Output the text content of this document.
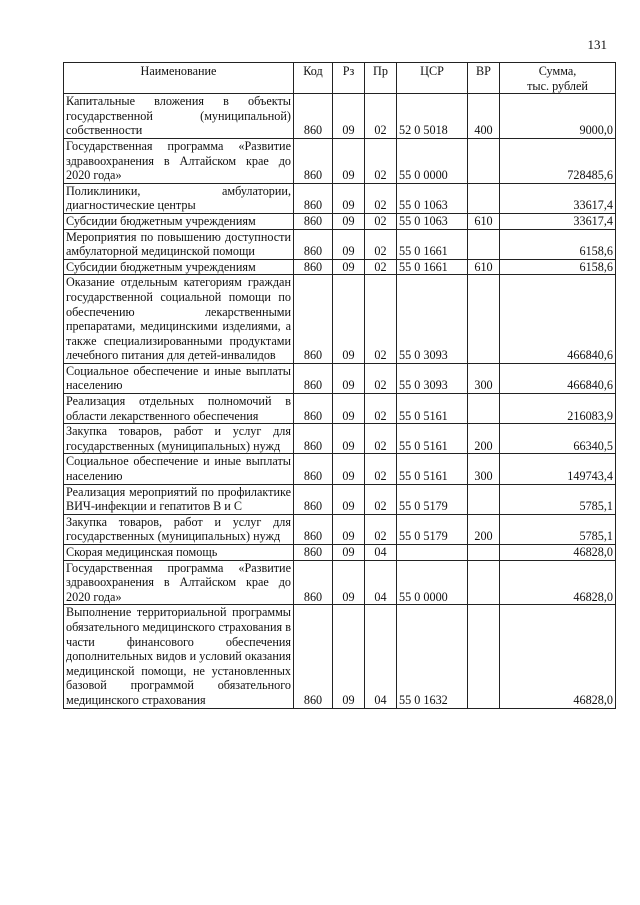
131
Наименование	Код	Рз	Пр	ЦСР	ВР	Сумма,
тыс. рублей
Капитальные вложения в объекты государственной (муниципальной) собственности	860	09	02	52 0 5018	400	9000,0
Государственная программа «Развитие здравоохранения в Алтайском крае до 2020 года»	860	09	02	55 0 0000		728485,6
Поликлиники, амбулатории, диагностические центры	860	09	02	55 0 1063		33617,4
Субсидии бюджетным учреждениям	860	09	02	55 0 1063	610	33617,4
Мероприятия по повышению доступности амбулаторной медицинской помощи	860	09	02	55 0 1661		6158,6
Субсидии бюджетным учреждениям	860	09	02	55 0 1661	610	6158,6
Оказание отдельным категориям граждан государственной социальной помощи по обеспечению лекарственными препаратами, медицинскими изделиями, а также специализированными продуктами лечебного питания для детей-инвалидов	860	09	02	55 0 3093		466840,6
Социальное обеспечение и иные выплаты населению	860	09	02	55 0 3093	300	466840,6
Реализация отдельных полномочий в области лекарственного обеспечения	860	09	02	55 0 5161		216083,9
Закупка товаров, работ и услуг для государственных (муниципальных) нужд	860	09	02	55 0 5161	200	66340,5
Социальное обеспечение и иные выплаты населению	860	09	02	55 0 5161	300	149743,4
Реализация мероприятий по профилактике ВИЧ-инфекции и гепатитов В и С	860	09	02	55 0 5179		5785,1
Закупка товаров, работ и услуг для государственных (муниципальных) нужд	860	09	02	55 0 5179	200	5785,1
Скорая медицинская помощь	860	09	04			46828,0
Государственная программа «Развитие здравоохранения в Алтайском крае до 2020 года»	860	09	04	55 0 0000		46828,0
Выполнение территориальной программы обязательного медицинского страхования в части финансового обеспечения дополнительных видов и условий оказания медицинской помощи, не установленных базовой программой обязательного медицинского страхования	860	09	04	55 0 1632		46828,0
